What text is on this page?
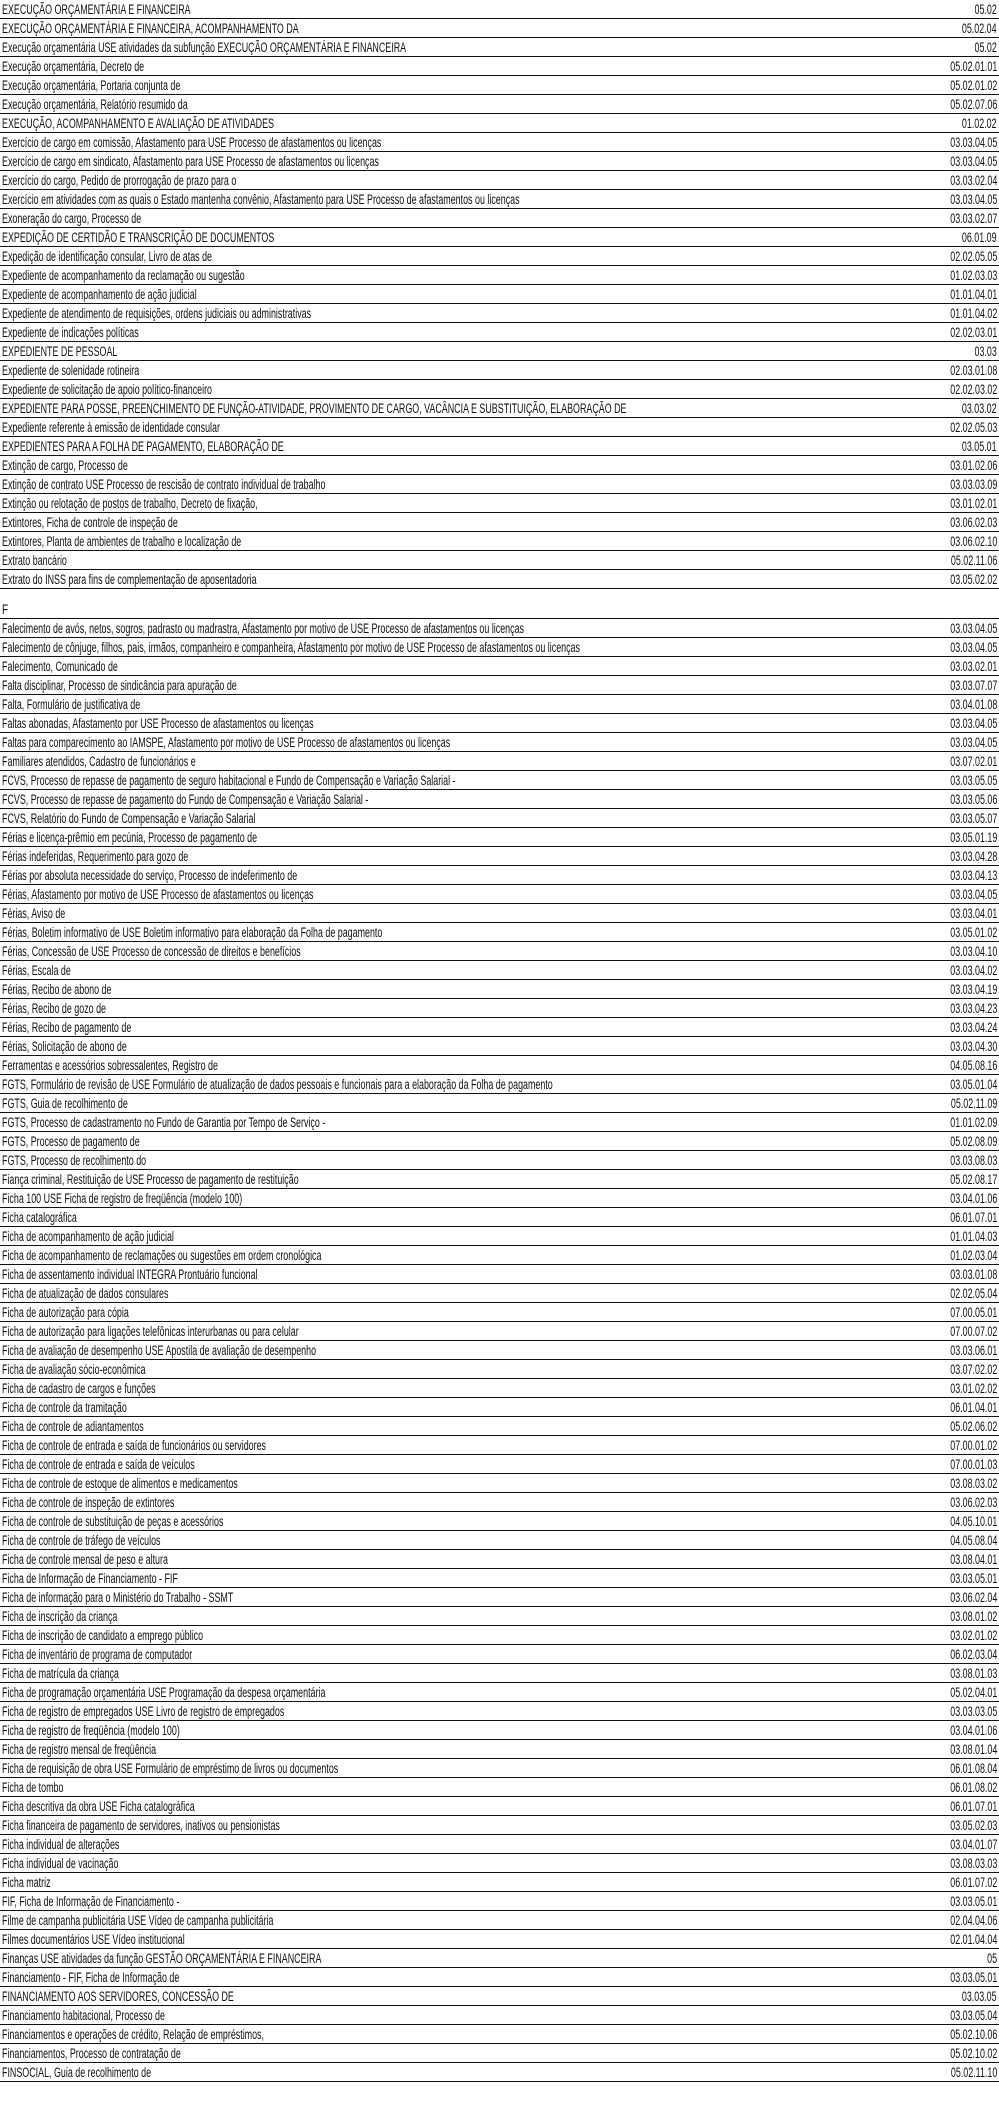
EXECUÇÃO ORÇAMENTÁRIA E FINANCEIRA	05.02
EXECUÇÃO ORÇAMENTÁRIA E FINANCEIRA, ACOMPANHAMENTO DA	05.02.04
Execução orçamentária USE atividades da subfunção EXECUÇÃO ORÇAMENTÁRIA E FINANCEIRA	05.02
Execução orçamentária, Decreto de	05.02.01.01
Execução orçamentária, Portaria conjunta de	05.02.01.02
Execução orçamentária, Relatório resumido da	05.02.07.06
EXECUÇÃO, ACOMPANHAMENTO E AVALIAÇÃO DE ATIVIDADES	01.02.02
Exercício de cargo em comissão, Afastamento para USE Processo de afastamentos ou licenças	03.03.04.05
Exercício de cargo em sindicato, Afastamento para USE Processo de afastamentos ou licenças	03.03.04.05
Exercício do cargo, Pedido de prorrogação de prazo para o	03.03.02.04
Exercício em atividades com as quais o Estado mantenha convênio, Afastamento para USE Processo de afastamentos ou licenças	03.03.04.05
Exoneração do cargo, Processo de	03.03.02.07
EXPEDIÇÃO DE CERTIDÃO E TRANSCRIÇÃO DE DOCUMENTOS	06.01.09
Expedição de identificação consular, Livro de atas de	02.02.05.05
Expediente de acompanhamento da reclamação ou sugestão	01.02.03.03
Expediente de acompanhamento de ação judicial	01.01.04.01
Expediente de atendimento de requisições, ordens judiciais ou administrativas	01.01.04.02
Expediente de indicações políticas	02.02.03.01
EXPEDIENTE DE PESSOAL	03.03
Expediente de solenidade rotineira	02.03.01.08
Expediente de solicitação de apoio político-financeiro	02.02.03.02
EXPEDIENTE PARA POSSE, PREENCHIMENTO DE FUNÇÃO-ATIVIDADE, PROVIMENTO DE CARGO, VACÂNCIA E SUBSTITUIÇÃO, ELABORAÇÃO DE	03.03.02
Expediente referente à emissão de identidade consular	02.02.05.03
EXPEDIENTES PARA A FOLHA DE PAGAMENTO, ELABORAÇÃO DE	03.05.01
Extinção de cargo, Processo de	03.01.02.06
Extinção de contrato USE Processo de rescisão de contrato individual de trabalho	03.03.03.09
Extinção ou relotação de postos de trabalho, Decreto de fixação,	03.01.02.01
Extintores, Ficha de controle de inspeção de	03.06.02.03
Extintores, Planta de ambientes de trabalho e localização de	03.06.02.10
Extrato bancário	05.02.11.06
Extrato do INSS para fins de complementação de aposentadoria	03.05.02.02
F
Falecimento de avós, netos, sogros, padrasto ou madrastra, Afastamento por motivo de USE Processo de afastamentos ou licenças	03.03.04.05
Falecimento de cônjuge, filhos, pais, irmãos, companheiro e companheira, Afastamento por motivo de USE Processo de afastamentos ou licenças	03.03.04.05
Falecimento, Comunicado de	03.03.02.01
Falta disciplinar, Processo de sindicância para apuração de	03.03.07.07
Falta, Formulário de justificativa de	03.04.01.08
Faltas abonadas, Afastamento por USE Processo de afastamentos ou licenças	03.03.04.05
Faltas para comparecimento ao IAMSPE, Afastamento por motivo de USE Processo de afastamentos ou licenças	03.03.04.05
Familiares atendidos, Cadastro de funcionários e	03.07.02.01
FCVS, Processo de repasse de pagamento de seguro habitacional e Fundo de Compensação e Variação Salarial -	03.03.05.05
FCVS, Processo de repasse de pagamento do Fundo de Compensação e Variação Salarial -	03.03.05.06
FCVS, Relatório do Fundo de Compensação e Variação Salarial	03.03.05.07
Férias e licença-prêmio em pecúnia, Processo de pagamento de	03.05.01.19
Férias indeferidas, Requerimento para gozo de	03.03.04.28
Férias por absoluta necessidade do serviço, Processo de indeferimento de	03.03.04.13
Férias, Afastamento por motivo de USE Processo de afastamentos ou licenças	03.03.04.05
Férias, Aviso de	03.03.04.01
Férias, Boletim informativo de USE Boletim informativo para elaboração da Folha de pagamento	03.05.01.02
Férias, Concessão de USE Processo de concessão de direitos e benefícios	03.03.04.10
Férias, Escala de	03.03.04.02
Férias, Recibo de abono de	03.03.04.19
Férias, Recibo de gozo de	03.03.04.23
Férias, Recibo de pagamento de	03.03.04.24
Férias, Solicitação de abono de	03.03.04.30
Ferramentas e acessórios sobressalentes, Registro de	04.05.08.16
FGTS, Formulário de revisão de USE Formulário de atualização de dados pessoais e funcionais para a elaboração da Folha de pagamento	03.05.01.04
FGTS, Guia de recolhimento de	05.02.11.09
FGTS, Processo de cadastramento no Fundo de Garantia por Tempo de Serviço -	01.01.02.09
FGTS, Processo de pagamento de	05.02.08.09
FGTS, Processo de recolhimento do	03.03.08.03
Fiança criminal, Restituição de USE Processo de pagamento de restituição	05.02.08.17
Ficha 100 USE Ficha de registro de freqüência (modelo 100)	03.04.01.06
Ficha catalográfica	06.01.07.01
Ficha de acompanhamento de ação judicial	01.01.04.03
Ficha de acompanhamento de reclamações ou sugestões em ordem cronológica	01.02.03.04
Ficha de assentamento individual INTEGRA Prontuário funcional	03.03.01.08
Ficha de atualização de dados consulares	02.02.05.04
Ficha de autorização para cópia	07.00.05.01
Ficha de autorização para ligações telefônicas interurbanas ou para celular	07.00.07.02
Ficha de avaliação de desempenho USE Apostila de avaliação de desempenho	03.03.06.01
Ficha de avaliação sócio-econômica	03.07.02.02
Ficha de cadastro de cargos e funções	03.01.02.02
Ficha de controle da tramitação	06.01.04.01
Ficha de controle de adiantamentos	05.02.06.02
Ficha de controle de entrada e saída de funcionários ou servidores	07.00.01.02
Ficha de controle de entrada e saída de veículos	07.00.01.03
Ficha de controle de estoque de alimentos e medicamentos	03.08.03.02
Ficha de controle de inspeção de extintores	03.06.02.03
Ficha de controle de substituição de peças e acessórios	04.05.10.01
Ficha de controle de tráfego de veículos	04.05.08.04
Ficha de controle mensal de peso e altura	03.08.04.01
Ficha de Informação de Financiamento - FIF	03.03.05.01
Ficha de informação para o Ministério do Trabalho - SSMT	03.06.02.04
Ficha de inscrição da criança	03.08.01.02
Ficha de inscrição de candidato a emprego público	03.02.01.02
Ficha de inventário de programa de computador	06.02.03.04
Ficha de matrícula da criança	03.08.01.03
Ficha de programação orçamentária USE Programação da despesa orçamentária	05.02.04.01
Ficha de registro de empregados USE Livro de registro de empregados	03.03.03.05
Ficha de registro de freqüência (modelo 100)	03.04.01.06
Ficha de registro mensal de freqüência	03.08.01.04
Ficha de requisição de obra USE Formulário de empréstimo de livros ou documentos	06.01.08.04
Ficha de tombo	06.01.08.02
Ficha descritiva da obra USE Ficha catalográfica	06.01.07.01
Ficha financeira de pagamento de servidores, inativos ou pensionistas	03.05.02.03
Ficha individual de alterações	03.04.01.07
Ficha individual de vacinação	03.08.03.03
Ficha matriz	06.01.07.02
FIF, Ficha de Informação de Financiamento -	03.03.05.01
Filme de campanha publicitária USE Vídeo de campanha publicitária	02.04.04.06
Filmes documentários USE Vídeo institucional	02.01.04.04
Finanças USE atividades da função GESTÃO ORÇAMENTÁRIA E FINANCEIRA	05
Financiamento - FIF, Ficha de Informação de	03.03.05.01
FINANCIAMENTO AOS SERVIDORES, CONCESSÃO DE	03.03.05
Financiamento habitacional, Processo de	03.03.05.04
Financiamentos e operações de crédito, Relação de empréstimos,	05.02.10.06
Financiamentos, Processo de contratação de	05.02.10.02
FINSOCIAL, Guia de recolhimento de	05.02.11.10
